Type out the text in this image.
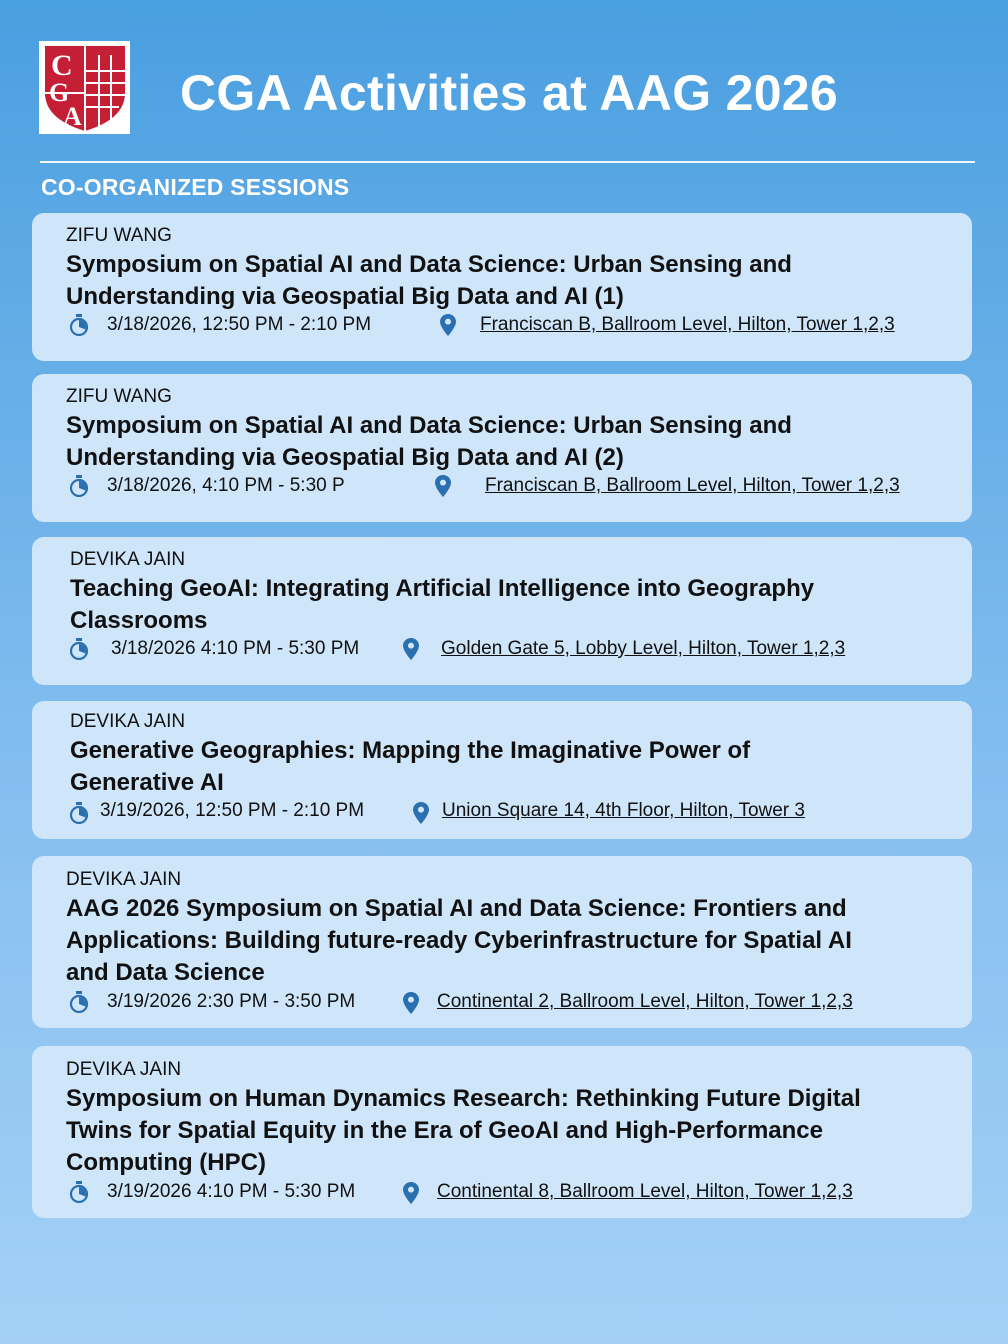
C
G
A CGA Activities at AAG 2026
CO-ORGANIZED SESSIONS
ZIFU WANG
Symposium on Spatial AI and Data Science: Urban Sensing and
Understanding via Geospatial Big Data and AI (1)
3/18/2026, 12:50 PM - 2:10 PM	Franciscan B, Ballroom Level, Hilton, Tower 1,2,3
ZIFU WANG
Symposium on Spatial AI and Data Science: Urban Sensing and
Understanding via Geospatial Big Data and AI (2)
3/18/2026, 4:10 PM - 5:30 P	Franciscan B, Ballroom Level, Hilton, Tower 1,2,3
DEVIKA JAIN
Teaching GeoAI: Integrating Artificial Intelligence into Geography
Classrooms
3/18/2026 4:10 PM - 5:30 PM	Golden Gate 5, Lobby Level, Hilton, Tower 1,2,3
DEVIKA JAIN
Generative Geographies: Mapping the Imaginative Power of
Generative AI
3/19/2026, 12:50 PM - 2:10 PM	Union Square 14, 4th Floor, Hilton, Tower 3
DEVIKA JAIN
AAG 2026 Symposium on Spatial AI and Data Science: Frontiers and
Applications: Building future-ready Cyberinfrastructure for Spatial AI
and Data Science
3/19/2026 2:30 PM - 3:50 PM	Continental 2, Ballroom Level, Hilton, Tower 1,2,3
DEVIKA JAIN
Symposium on Human Dynamics Research: Rethinking Future Digital
Twins for Spatial Equity in the Era of GeoAI and High-Performance
Computing (HPC)
3/19/2026 4:10 PM - 5:30 PM	Continental 8, Ballroom Level, Hilton, Tower 1,2,3
